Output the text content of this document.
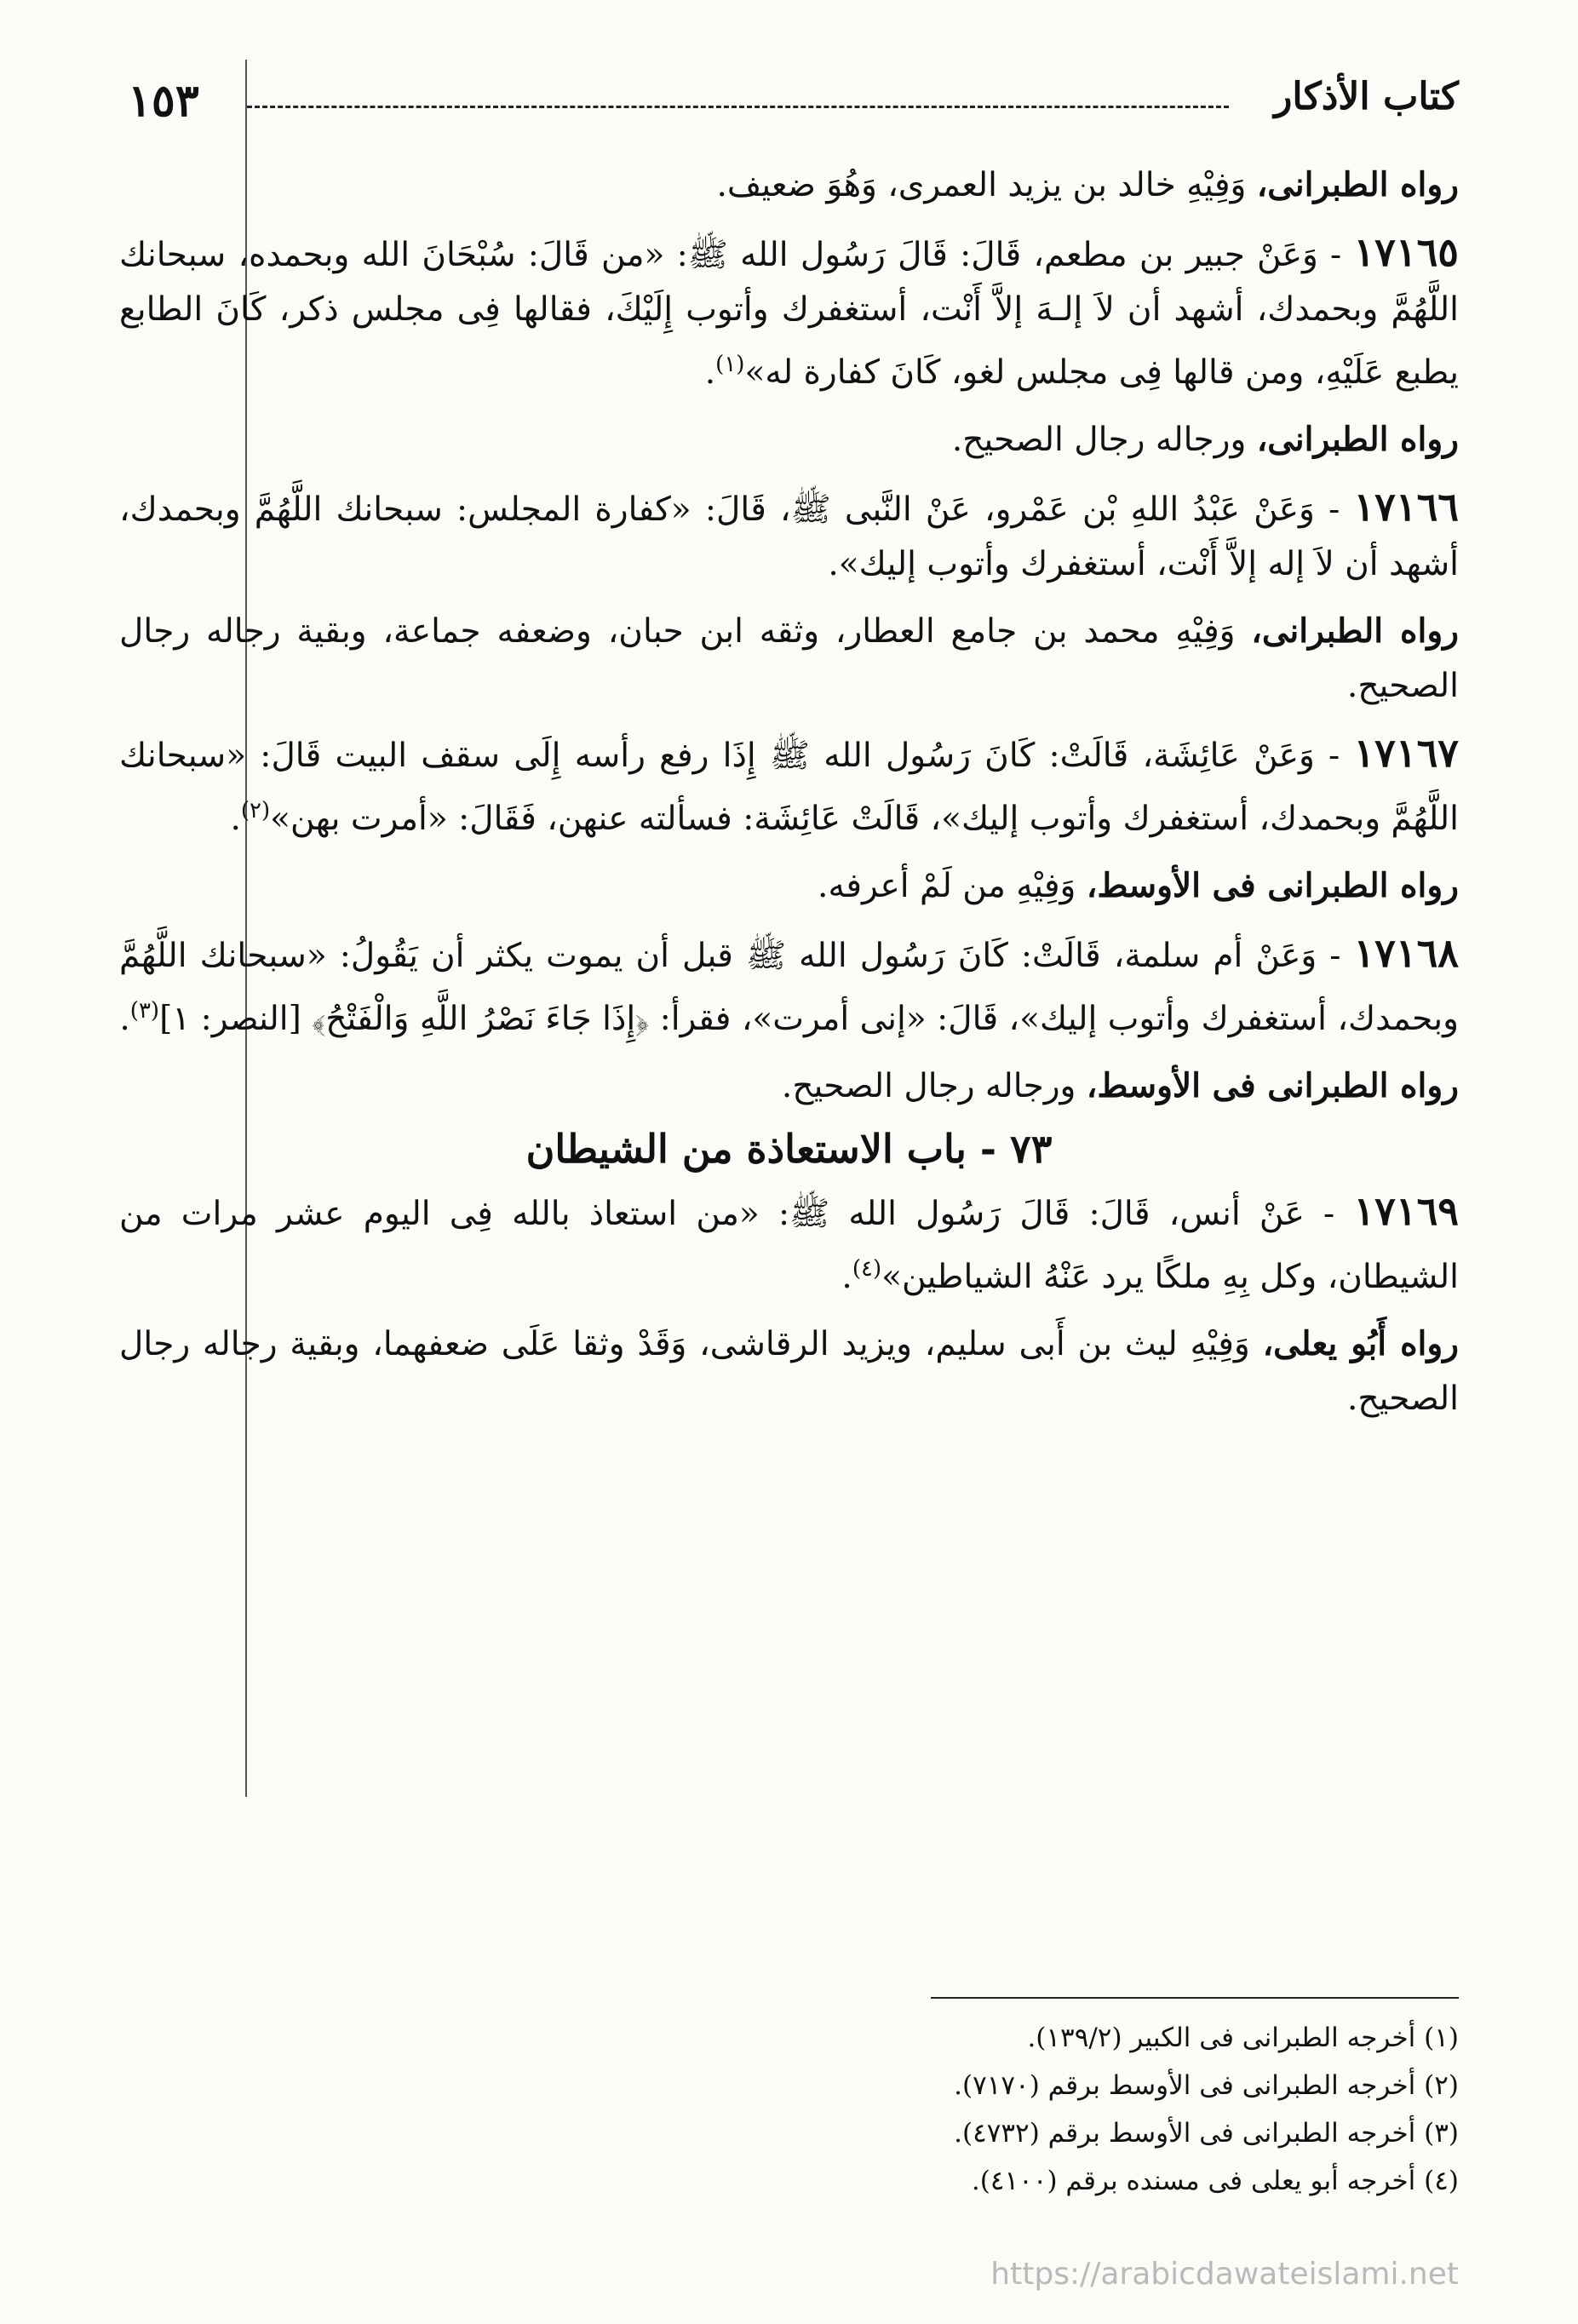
١٥٣	كتاب الأذكار

رواه الطبرانى، وَفِيْهِ خالد بن يزيد العمرى، وَهُوَ ضعيف.

١٧١٦٥ - وَعَنْ جبير بن مطعم، قَالَ: قَالَ رَسُول الله ﷺ: «من قَالَ: سُبْحَانَ الله وبحمده، سبحانك اللَّهُمَّ وبحمدك، أشهد أن لاَ إلـهَ إلاَّ أَنْت، أستغفرك وأتوب إِلَيْكَ، فقالها فِى مجلس ذكر، كَانَ الطابع يطبع عَلَيْهِ، ومن قالها فِى مجلس لغو، كَانَ كفارة له»$^{(١)}$.

رواه الطبرانى، ورجاله رجال الصحيح.

١٧١٦٦ - وَعَنْ عَبْدُ اللهِ بْن عَمْرو، عَنْ النَّبى ﷺ، قَالَ: «كفارة المجلس: سبحانك اللَّهُمَّ وبحمدك، أشهد أن لاَ إله إلاَّ أَنْت، أستغفرك وأتوب إليك».

رواه الطبرانى، وَفِيْهِ محمد بن جامع العطار، وثقه ابن حبان، وضعفه جماعة، وبقية رجاله رجال الصحيح.

١٧١٦٧ - وَعَنْ عَائِشَة، قَالَتْ: كَانَ رَسُول الله ﷺ إِذَا رفع رأسه إِلَى سقف البيت قَالَ: «سبحانك اللَّهُمَّ وبحمدك، أستغفرك وأتوب إليك»، قَالَتْ عَائِشَة: فسألته عنهن، فَقَالَ: «أمرت بهن»$^{(٢)}$.

رواه الطبرانى فى الأوسط، وَفِيْهِ من لَمْ أعرفه.

١٧١٦٨ - وَعَنْ أم سلمة، قَالَتْ: كَانَ رَسُول الله ﷺ قبل أن يموت يكثر أن يَقُولُ: «سبحانك اللَّهُمَّ وبحمدك، أستغفرك وأتوب إليك»، قَالَ: «إنى أمرت»، فقرأ: ﴿إِذَا جَاءَ نَصْرُ اللَّهِ وَالْفَتْحُ﴾ [النصر: ١]$^{(٣)}$.

رواه الطبرانى فى الأوسط، ورجاله رجال الصحيح.

٧٣ - باب الاستعاذة من الشيطان

١٧١٦٩ - عَنْ أنس، قَالَ: قَالَ رَسُول الله ﷺ: «من استعاذ بالله فِى اليوم عشر مرات من الشيطان، وكل بِهِ ملكًا يرد عَنْهُ الشياطين»$^{(٤)}$.

رواه أَبُو يعلى، وَفِيْهِ ليث بن أَبى سليم، ويزيد الرقاشى، وَقَدْ وثقا عَلَى ضعفهما، وبقية رجاله رجال الصحيح.

(١) أخرجه الطبرانى فى الكبير (١٣٩/٢).

(٢) أخرجه الطبرانى فى الأوسط برقم (٧١٧٠).

(٣) أخرجه الطبرانى فى الأوسط برقم (٤٧٣٢).

(٤) أخرجه أبو يعلى فى مسنده برقم (٤١٠٠).

https://arabicdawateislami.net
